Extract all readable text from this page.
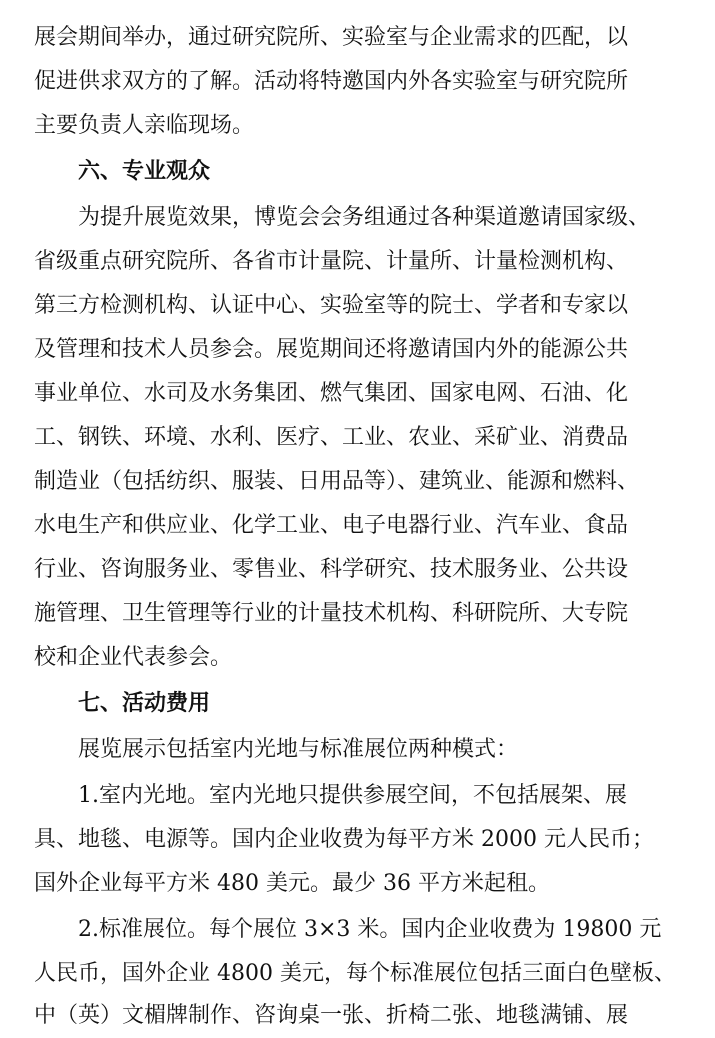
展会期间举办，通过研究院所、实验室与企业需求的匹配，以
促进供求双方的了解。活动将特邀国内外各实验室与研究院所
主要负责人亲临现场。
六、专业观众
为提升展览效果，博览会会务组通过各种渠道邀请国家级、
省级重点研究院所、各省市计量院、计量所、计量检测机构、
第三方检测机构、认证中心、实验室等的院士、学者和专家以
及管理和技术人员参会。展览期间还将邀请国内外的能源公共
事业单位、水司及水务集团、燃气集团、国家电网、石油、化
工、钢铁、环境、水利、医疗、工业、农业、采矿业、消费品
制造业（包括纺织、服装、日用品等）、建筑业、能源和燃料、
水电生产和供应业、化学工业、电子电器行业、汽车业、食品
行业、咨询服务业、零售业、科学研究、技术服务业、公共设
施管理、卫生管理等行业的计量技术机构、科研院所、大专院
校和企业代表参会。
七、活动费用
展览展示包括室内光地与标准展位两种模式：
1.室内光地。室内光地只提供参展空间，不包括展架、展
具、地毯、电源等。国内企业收费为每平方米 2000 元人民币；
国外企业每平方米 480 美元。最少 36 平方米起租。
2.标准展位。每个展位 3×3 米。国内企业收费为 19800 元
人民币，国外企业 4800 美元，每个标准展位包括三面白色壁板、
中（英）文楣牌制作、咨询桌一张、折椅二张、地毯满铺、展
